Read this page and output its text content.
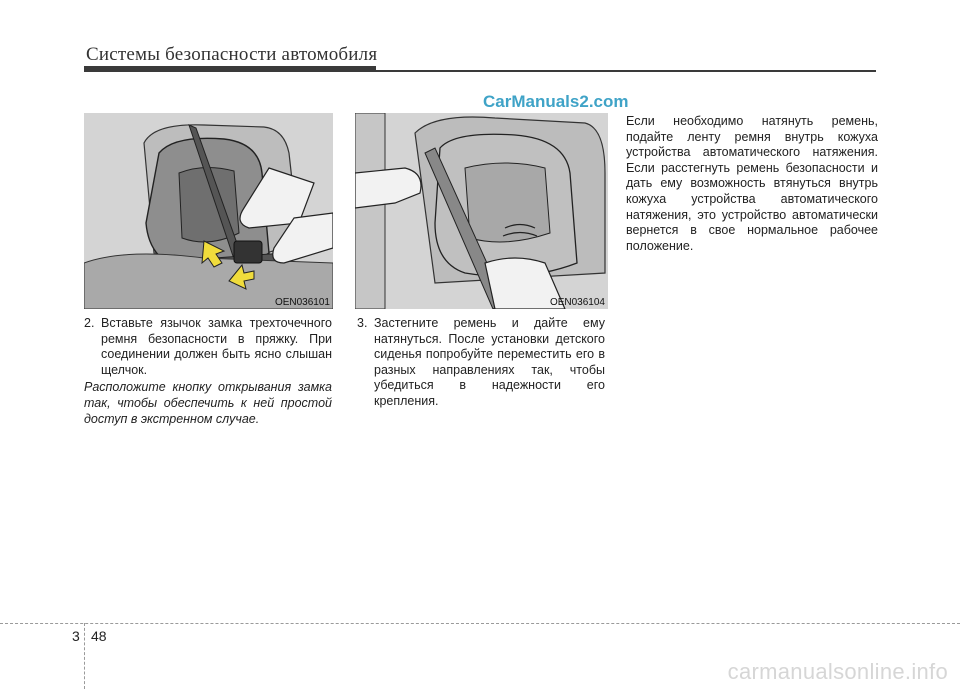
Системы безопасности автомобиля
CarManuals2.com
OEN036101	OEN036104
2. Вставьте язычок замка трехточечного ремня безопасности в пряжку. При соединении должен быть ясно слышан щелчок.
Расположите кнопку открывания замка так, чтобы обеспечить к ней простой доступ в экстренном случае.
3. Застегните ремень и дайте ему натянуться. После установки детского сиденья попробуйте переместить его в разных направлениях так, чтобы убедиться в надежности его крепления.
Если необходимо натянуть ремень, подайте ленту ремня внутрь кожуха устройства автоматического натяжения. Если расстегнуть ремень безопасности и дать ему возможность втянуться внутрь кожуха устройства автоматического натяжения, это устройство автоматически вернется в свое нормальное рабочее положение.
3 48
carmanualsonline.info
